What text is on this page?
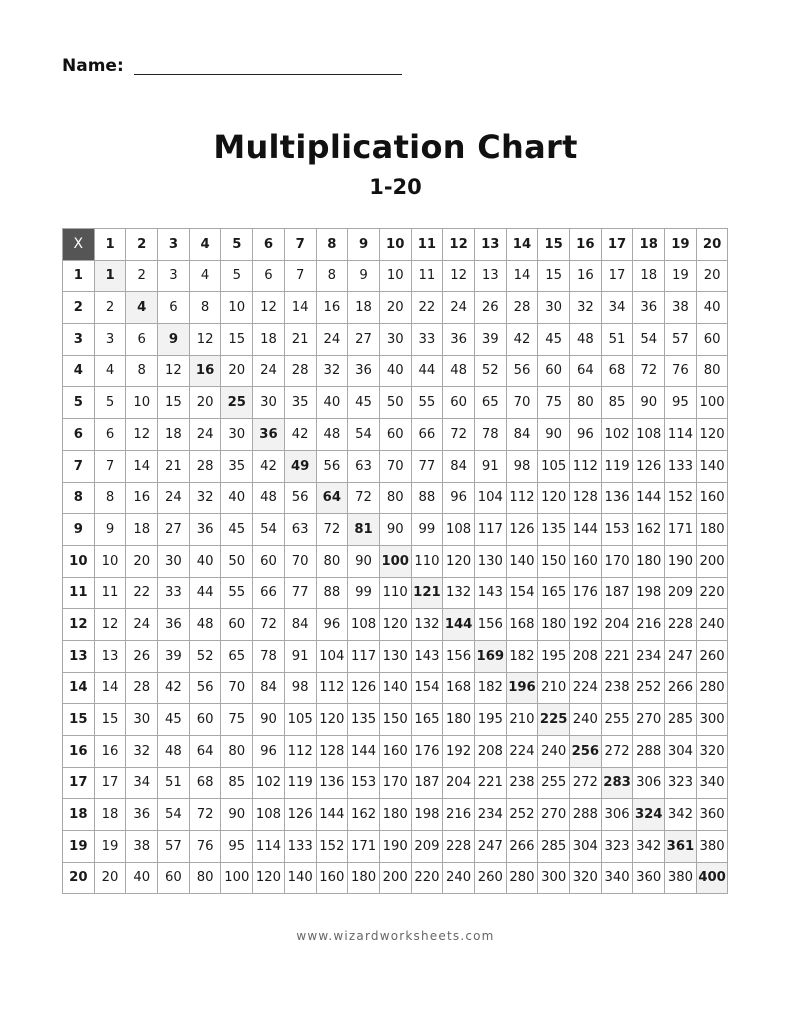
Name:
Multiplication Chart
1-20
X	1	2	3	4	5	6	7	8	9	10	11	12	13	14	15	16	17	18	19	20
1	1	2	3	4	5	6	7	8	9	10	11	12	13	14	15	16	17	18	19	20
2	2	4	6	8	10	12	14	16	18	20	22	24	26	28	30	32	34	36	38	40
3	3	6	9	12	15	18	21	24	27	30	33	36	39	42	45	48	51	54	57	60
4	4	8	12	16	20	24	28	32	36	40	44	48	52	56	60	64	68	72	76	80
5	5	10	15	20	25	30	35	40	45	50	55	60	65	70	75	80	85	90	95	100
6	6	12	18	24	30	36	42	48	54	60	66	72	78	84	90	96	102	108	114	120
7	7	14	21	28	35	42	49	56	63	70	77	84	91	98	105	112	119	126	133	140
8	8	16	24	32	40	48	56	64	72	80	88	96	104	112	120	128	136	144	152	160
9	9	18	27	36	45	54	63	72	81	90	99	108	117	126	135	144	153	162	171	180
10	10	20	30	40	50	60	70	80	90	100	110	120	130	140	150	160	170	180	190	200
11	11	22	33	44	55	66	77	88	99	110	121	132	143	154	165	176	187	198	209	220
12	12	24	36	48	60	72	84	96	108	120	132	144	156	168	180	192	204	216	228	240
13	13	26	39	52	65	78	91	104	117	130	143	156	169	182	195	208	221	234	247	260
14	14	28	42	56	70	84	98	112	126	140	154	168	182	196	210	224	238	252	266	280
15	15	30	45	60	75	90	105	120	135	150	165	180	195	210	225	240	255	270	285	300
16	16	32	48	64	80	96	112	128	144	160	176	192	208	224	240	256	272	288	304	320
17	17	34	51	68	85	102	119	136	153	170	187	204	221	238	255	272	283	306	323	340
18	18	36	54	72	90	108	126	144	162	180	198	216	234	252	270	288	306	324	342	360
19	19	38	57	76	95	114	133	152	171	190	209	228	247	266	285	304	323	342	361	380
20	20	40	60	80	100	120	140	160	180	200	220	240	260	280	300	320	340	360	380	400
www.wizardworksheets.com
